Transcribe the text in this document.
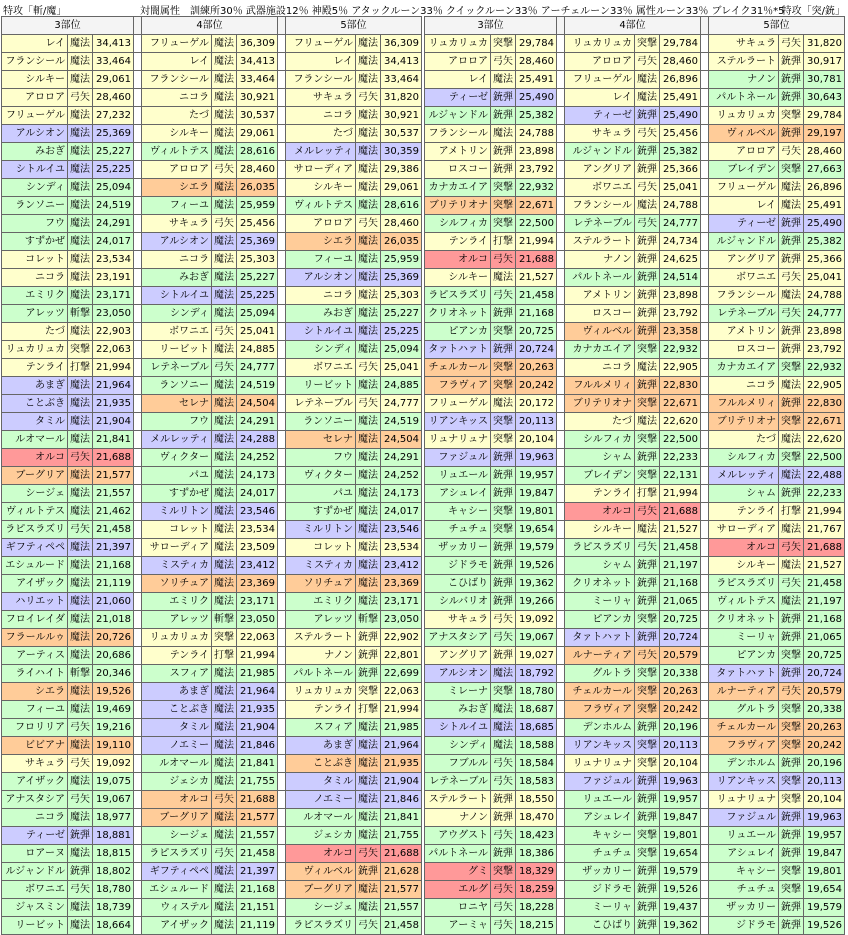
特攻「斬/魔」	対闇属性　訓練所30％ 武器施設12％ 神殿5％ アタックルーン33％ クイックルーン33％ アーチェルーン33％ 属性ルーン33％ ブレイク31％*5
特攻「突/銃」
3部位				4部位				5部位		
レイ	魔法	34,413		フリューゲル	魔法	36,309		フリューゲル	魔法	36,309
フランシール	魔法	33,464		レイ	魔法	34,413		レイ	魔法	34,413
シルキー	魔法	29,061		フランシール	魔法	33,464		フランシール	魔法	33,464
アロロア	弓矢	28,460		ニコラ	魔法	30,921		サキュラ	弓矢	31,820
フリューゲル	魔法	27,232		たづ	魔法	30,537		ニコラ	魔法	30,921
アルシオン	魔法	25,369		シルキー	魔法	29,061		たづ	魔法	30,537
みおぎ	魔法	25,227		ヴィルトテス	魔法	28,616		メルレッティ	魔法	30,359
シトルイユ	魔法	25,225		アロロア	弓矢	28,460		サローディア	魔法	29,386
シンディ	魔法	25,094		シエラ	魔法	26,035		シルキー	魔法	29,061
ランソニー	魔法	24,519		フィーユ	魔法	25,959		ヴィルトテス	魔法	28,616
フウ	魔法	24,291		サキュラ	弓矢	25,456		アロロア	弓矢	28,460
すずかぜ	魔法	24,017		アルシオン	魔法	25,369		シエラ	魔法	26,035
コレット	魔法	23,534		ニコラ	魔法	25,303		フィーユ	魔法	25,959
ニコラ	魔法	23,191		みおぎ	魔法	25,227		アルシオン	魔法	25,369
エミリク	魔法	23,171		シトルイユ	魔法	25,225		ニコラ	魔法	25,303
アレッツ	斬撃	23,050		シンディ	魔法	25,094		みおぎ	魔法	25,227
たづ	魔法	22,903		ボワニエ	弓矢	25,041		シトルイユ	魔法	25,225
リュカリュカ	突撃	22,063		リービット	魔法	24,885		シンディ	魔法	25,094
テンライ	打撃	21,994		レテネーブル	弓矢	24,777		ボワニエ	弓矢	25,041
あまぎ	魔法	21,964		ランソニー	魔法	24,519		リービット	魔法	24,885
ことぶき	魔法	21,935		セレナ	魔法	24,504		レテネーブル	弓矢	24,777
タミル	魔法	21,904		フウ	魔法	24,291		ランソニー	魔法	24,519
ルオマール	魔法	21,841		メルレッティ	魔法	24,288		セレナ	魔法	24,504
オルコ	弓矢	21,688		ヴィクター	魔法	24,252		フウ	魔法	24,291
ブーグリア	魔法	21,577		パユ	魔法	24,173		ヴィクター	魔法	24,252
シージェ	魔法	21,557		すずかぜ	魔法	24,017		パユ	魔法	24,173
ヴィルトテス	魔法	21,462		ミルリトン	魔法	23,546		すずかぜ	魔法	24,017
ラピスラズリ	弓矢	21,458		コレット	魔法	23,534		ミルリトン	魔法	23,546
ギフティペペ	魔法	21,397		サローディア	魔法	23,509		コレット	魔法	23,534
エシュルード	魔法	21,168		ミスティカ	魔法	23,412		ミスティカ	魔法	23,412
アイザック	魔法	21,119		ソリチュア	魔法	23,369		ソリチュア	魔法	23,369
ハリエット	魔法	21,060		エミリク	魔法	23,171		エミリク	魔法	23,171
フロイレイダ	魔法	21,018		アレッツ	斬撃	23,050		アレッツ	斬撃	23,050
フラールルゥ	魔法	20,726		リュカリュカ	突撃	22,063		ステルラート	銃弾	22,902
アーティス	魔法	20,686		テンライ	打撃	21,994		ナノン	銃弾	22,801
ライハイト	斬撃	20,346		スフィア	魔法	21,985		パルトネール	銃弾	22,699
シエラ	魔法	19,526		あまぎ	魔法	21,964		リュカリュカ	突撃	22,063
フィーユ	魔法	19,469		ことぶき	魔法	21,935		テンライ	打撃	21,994
フロリリア	弓矢	19,216		タミル	魔法	21,904		スフィア	魔法	21,985
ビビアナ	魔法	19,110		ノエミー	魔法	21,846		あまぎ	魔法	21,964
サキュラ	弓矢	19,092		ルオマール	魔法	21,841		ことぶき	魔法	21,935
アイザック	魔法	19,075		ジェシカ	魔法	21,755		タミル	魔法	21,904
アナスタシア	弓矢	19,067		オルコ	弓矢	21,688		ノエミー	魔法	21,846
ニコラ	魔法	18,977		ブーグリア	魔法	21,577		ルオマール	魔法	21,841
ティーゼ	銃弾	18,881		シージェ	魔法	21,557		ジェシカ	魔法	21,755
ロアーヌ	魔法	18,815		ラピスラズリ	弓矢	21,458		オルコ	弓矢	21,688
ルジャンドル	銃弾	18,802		ギフティペペ	魔法	21,397		ヴィルベル	銃弾	21,628
ボワニエ	弓矢	18,780		エシュルード	魔法	21,168		ブーグリア	魔法	21,577
ジャスミン	魔法	18,739		ウィステル	魔法	21,151		シージェ	魔法	21,557
リービット	魔法	18,664		アイザック	魔法	21,119		ラピスラズリ	弓矢	21,458
3部位				4部位				5部位		
リュカリュカ	突撃	29,784		リュカリュカ	突撃	29,784		サキュラ	弓矢	31,820
アロロア	弓矢	28,460		アロロア	弓矢	28,460		ステルラート	銃弾	30,917
レイ	魔法	25,491		フリューゲル	魔法	26,896		ナノン	銃弾	30,781
ティーゼ	銃弾	25,490		レイ	魔法	25,491		パルトネール	銃弾	30,643
ルジャンドル	銃弾	25,382		ティーゼ	銃弾	25,490		リュカリュカ	突撃	29,784
フランシール	魔法	24,788		サキュラ	弓矢	25,456		ヴィルベル	銃弾	29,197
アメトリン	銃弾	23,898		ルジャンドル	銃弾	25,382		アロロア	弓矢	28,460
ロスコー	銃弾	23,792		アングリア	銃弾	25,366		ブレイデン	突撃	27,663
カナカエイア	突撃	22,932		ボワニエ	弓矢	25,041		フリューゲル	魔法	26,896
ブリテリオナ	突撃	22,671		フランシール	魔法	24,788		レイ	魔法	25,491
シルフィカ	突撃	22,500		レテネーブル	弓矢	24,777		ティーゼ	銃弾	25,490
テンライ	打撃	21,994		ステルラート	銃弾	24,734		ルジャンドル	銃弾	25,382
オルコ	弓矢	21,688		ナノン	銃弾	24,625		アングリア	銃弾	25,366
シルキー	魔法	21,527		パルトネール	銃弾	24,514		ボワニエ	弓矢	25,041
ラピスラズリ	弓矢	21,458		アメトリン	銃弾	23,898		フランシール	魔法	24,788
クリオネット	銃弾	21,168		ロスコー	銃弾	23,792		レテネーブル	弓矢	24,777
ピアンカ	突撃	20,725		ヴィルベル	銃弾	23,358		アメトリン	銃弾	23,898
タァトハァト	銃弾	20,724		カナカエイア	突撃	22,932		ロスコー	銃弾	23,792
チェルカール	突撃	20,263		ニコラ	魔法	22,905		カナカエイア	突撃	22,932
フラヴィア	突撃	20,242		フルルメリィ	銃弾	22,830		ニコラ	魔法	22,905
フリューゲル	魔法	20,172		ブリテリオナ	突撃	22,671		フルルメリィ	銃弾	22,830
リアンキッス	突撃	20,113		たづ	魔法	22,620		ブリテリオナ	突撃	22,671
リュナリュナ	突撃	20,104		シルフィカ	突撃	22,500		たづ	魔法	22,620
ファジュル	銃弾	19,963		シャム	銃弾	22,233		シルフィカ	突撃	22,500
リュエール	銃弾	19,957		ブレイデン	突撃	22,131		メルレッティ	魔法	22,488
アシュレイ	銃弾	19,847		テンライ	打撃	21,994		シャム	銃弾	22,233
キャシー	突撃	19,801		オルコ	弓矢	21,688		テンライ	打撃	21,994
チュチュ	突撃	19,654		シルキー	魔法	21,527		サローディア	魔法	21,767
ザッカリー	銃弾	19,579		ラピスラズリ	弓矢	21,458		オルコ	弓矢	21,688
ジドラモ	銃弾	19,526		シャム	銃弾	21,197		シルキー	魔法	21,527
こひばり	銃弾	19,362		クリオネット	銃弾	21,168		ラピスラズリ	弓矢	21,458
シルバリオ	銃弾	19,266		ミーリャ	銃弾	21,065		ヴィルトテス	魔法	21,197
サキュラ	弓矢	19,092		ピアンカ	突撃	20,725		クリオネット	銃弾	21,168
アナスタシア	弓矢	19,067		タァトハァト	銃弾	20,724		ミーリャ	銃弾	21,065
アングリア	銃弾	19,027		ルナーティア	弓矢	20,579		ピアンカ	突撃	20,725
アルシオン	魔法	18,792		グルトラ	突撃	20,338		タァトハァト	銃弾	20,724
ミレーナ	突撃	18,780		チェルカール	突撃	20,263		ルナーティア	弓矢	20,579
みおぎ	魔法	18,687		フラヴィア	突撃	20,242		グルトラ	突撃	20,338
シトルイユ	魔法	18,685		デンホルム	銃弾	20,196		チェルカール	突撃	20,263
シンディ	魔法	18,588		リアンキッス	突撃	20,113		フラヴィア	突撃	20,242
フブルル	弓矢	18,584		リュナリュナ	突撃	20,104		デンホルム	銃弾	20,196
レテネーブル	弓矢	18,583		ファジュル	銃弾	19,963		リアンキッス	突撃	20,113
ステルラート	銃弾	18,550		リュエール	銃弾	19,957		リュナリュナ	突撃	20,104
ナノン	銃弾	18,470		アシュレイ	銃弾	19,847		ファジュル	銃弾	19,963
アウグスト	弓矢	18,423		キャシー	突撃	19,801		リュエール	銃弾	19,957
パルトネール	銃弾	18,386		チュチュ	突撃	19,654		アシュレイ	銃弾	19,847
グミ	突撃	18,329		ザッカリー	銃弾	19,579		キャシー	突撃	19,801
エルグ	弓矢	18,259		ジドラモ	銃弾	19,526		チュチュ	突撃	19,654
ロニヤ	弓矢	18,228		ミーリャ	銃弾	19,437		ザッカリー	銃弾	19,579
アーミャ	弓矢	18,215		こひばり	銃弾	19,362		ジドラモ	銃弾	19,526
